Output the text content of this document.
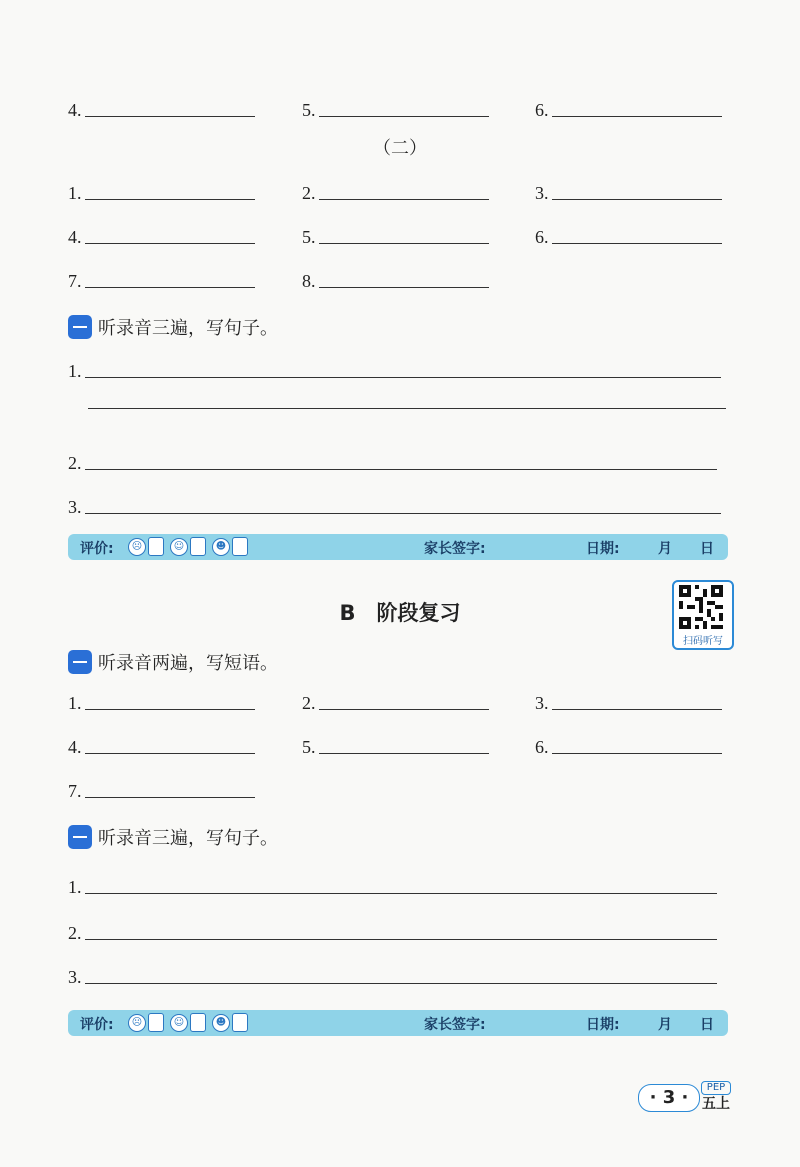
4.	5.	6.
（二）
1.	2.	3.
4.	5.	6.
7.	8.
听录音三遍，写句子。
1.
2.
3.
评价:	☹	☺	☻	家长签字:	日期:	月 日
B　阶段复习
扫码听写
听录音两遍，写短语。
1.	2.	3.
4.	5.	6.
7.
听录音三遍，写句子。
1.
2.
3.
评价:	☹	☺	☻	家长签字:	日期:	月 日
· 3 ·	PEP
五上
